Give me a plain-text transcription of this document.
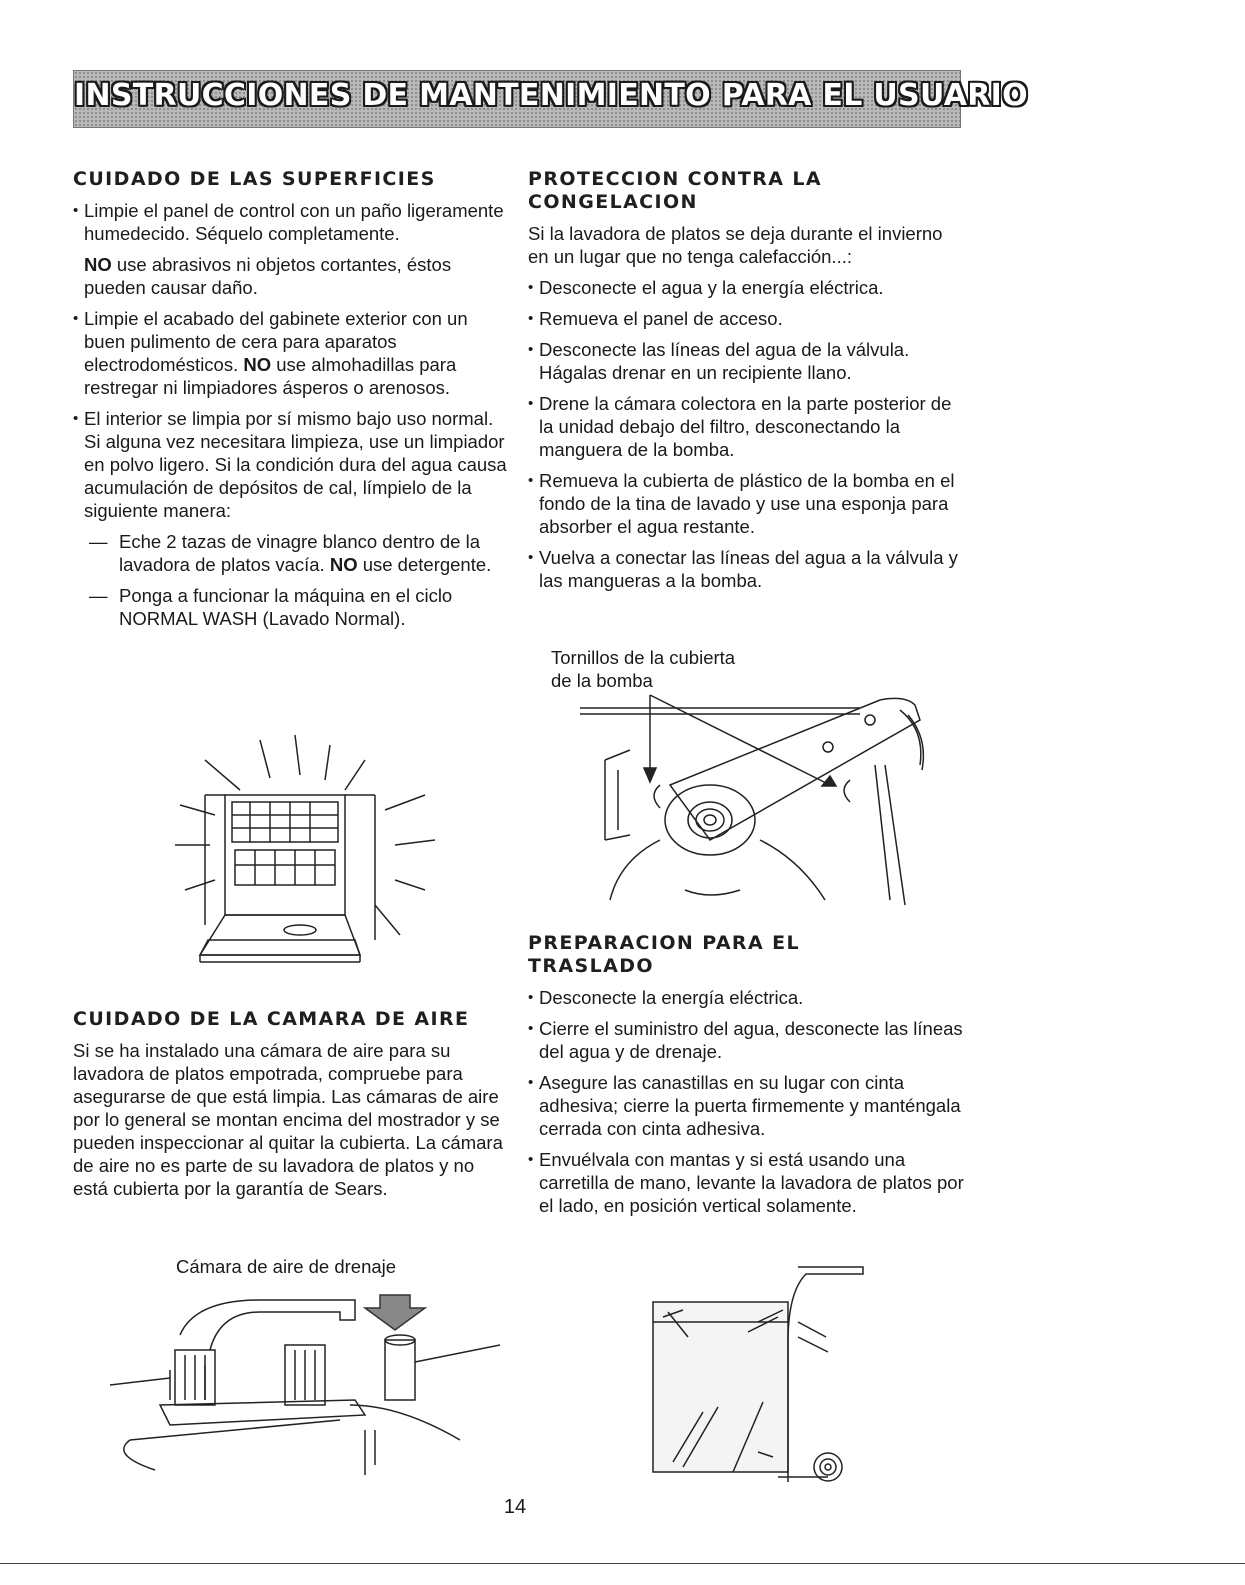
INSTRUCCIONES DE MANTENIMIENTO PARA EL USUARIO
CUIDADO DE LAS SUPERFICIES
• Limpie el panel de control con un paño ligeramente humedecido. Séquelo completamente.

NO use abrasivos ni objetos cortantes, éstos pueden causar daño.

• Limpie el acabado del gabinete exterior con un buen pulimento de cera para aparatos electrodomésticos. NO use almohadillas para restregar ni limpiadores ásperos o arenosos.
• El interior se limpia por sí mismo bajo uso normal. Si alguna vez necesitara limpieza, use un limpiador en polvo ligero. Si la condición dura del agua causa acumulación de depósitos de cal, límpielo de la siguiente manera:
— Eche 2 tazas de vinagre blanco dentro de la lavadora de platos vacía. NO use detergente.
— Ponga a funcionar la máquina en el ciclo NORMAL WASH (Lavado Normal).
CUIDADO DE LA CAMARA DE AIRE

Si se ha instalado una cámara de aire para su lavadora de platos empotrada, compruebe para asegurarse de que está limpia. Las cámaras de aire por lo general se montan encima del mostrador y se pueden inspeccionar al quitar la cubierta. La cámara de aire no es parte de su lavadora de platos y no está cubierta por la garantía de Sears.

Cámara de aire de drenaje
PROTECCION CONTRA LA CONGELACION

Si la lavadora de platos se deja durante el invierno en un lugar que no tenga calefacción...:

• Desconecte el agua y la energía eléctrica.
• Remueva el panel de acceso.
• Desconecte las líneas del agua de la válvula. Hágalas drenar en un recipiente llano.
• Drene la cámara colectora en la parte posterior de la unidad debajo del filtro, desconectando la manguera de la bomba.
• Remueva la cubierta de plástico de la bomba en el fondo de la tina de lavado y use una esponja para absorber el agua restante.
• Vuelva a conectar las líneas del agua a la válvula y las mangueras a la bomba.
Tornillos de la cubierta
de la bomba
PREPARACION PARA EL TRASLADO
• Desconecte la energía eléctrica.
• Cierre el suministro del agua, desconecte las líneas del agua y de drenaje.
• Asegure las canastillas en su lugar con cinta adhesiva; cierre la puerta firmemente y manténgala cerrada con cinta adhesiva.
• Envuélvala con mantas y si está usando una carretilla de mano, levante la lavadora de platos por el lado, en posición vertical solamente.
14
